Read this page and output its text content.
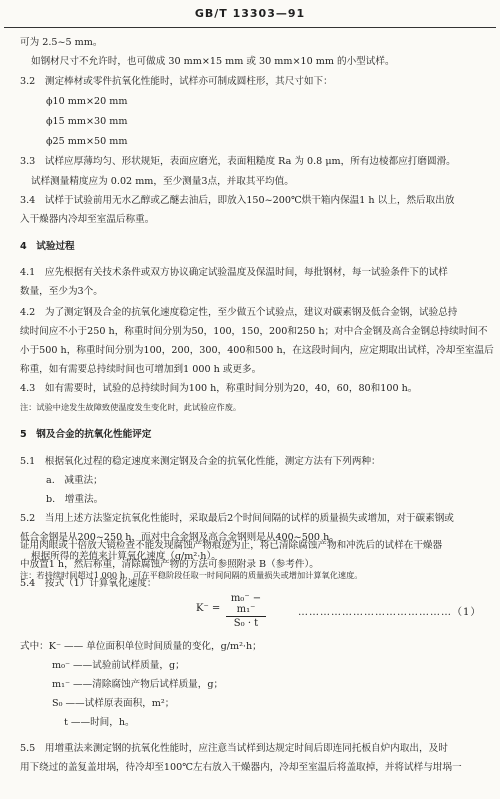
GB/T 13303—91
可为 2.5~5 mm。
如钢材尺寸不允许时，也可做成 30 mm×15 mm 或 30 mm×10 mm 的小型试样。
3.2　测定棒材或零件抗氧化性能时，试样亦可制成圆柱形，其尺寸如下：
ϕ10 mm×20 mm
ϕ15 mm×30 mm
ϕ25 mm×50 mm
3.3　试样应厚薄均匀、形状规矩，表面应磨光，表面粗糙度 Ra 为 0.8 μm，所有边棱都应打磨圆滑。
试样测量精度应为 0.02 mm，至少测量3点，并取其平均值。
3.4　试样于试验前用无水乙醇或乙醚去油后，即放入150~200℃烘干箱内保温1 h 以上，然后取出放
入干燥器内冷却至室温后称重。
4　试验过程
4.1　应先根据有关技术条件或双方协议确定试验温度及保温时间，每批钢材，每一试验条件下的试样
数量，至少为3个。
4.2　为了测定钢及合金的抗氧化速度稳定性，至少做五个试验点，建议对碳素钢及低合金钢，试验总持
续时间应不小于250 h，称重时间分别为50，100，150，200和250 h；对中合金钢及高合金钢总持续时间不
小于500 h，称重时间分别为100，200，300，400和500 h，在这段时间内，应定期取出试样，冷却至室温后
称重，如有需要总持续时间也可增加到1 000 h 或更多。
4.3　如有需要时，试验的总持续时间为100 h，称重时间分别为20，40，60，80和100 h。
注：试验中途发生故障致使温度发生变化时，此试验应作废。
5　钢及合金的抗氧化性能评定
5.1　根据氧化过程的稳定速度来测定钢及合金的抗氧化性能，测定方法有下列两种：
a.　减重法；
b.　增重法。
5.2　当用上述方法鉴定抗氧化性能时，采取最后2个时间间隔的试样的质量损失或增加，对于碳素钢或
低合金钢是从200~250 h，而对中合金钢及高合金钢则是从400~500 h。
根据所得的差值来计算氧化速度（g/m²·h）。
注：若持续时间超过1 000 h，可在平稳阶段任取一时间间隔的质量损失或增加计算氧化速度。
证用肉眼或十倍放大镜检查不能发现腐蚀产物痕迹为止，将已清除腐蚀产物和冲洗后的试样在干燥器
中放置1 h，然后称重，清除腐蚀产物的方法可参照附录 B（参考件）。
5.4　按式（1）计算氧化速度：
式中：K⁻ —— 单位面积单位时间质量的变化，g/m²·h；
m₀⁻ ——试验前试样质量，g；
m₁⁻ ——清除腐蚀产物后试样质量，g；
S₀ ——试样原表面积，m²；
t ——时间，h。
5.5　用增重法来测定钢的抗氧化性能时，应注意当试样到达规定时间后即连同托板自炉内取出，及时
用下绕过的盖复盖坩埚，待冷却至100℃左右放入干燥器内，冷却至室温后将盖取掉，并将试样与坩埚一
$K^- = \frac{\text{m₀⁻ − m₁⁻}}{\text{S₀ · t}}$	……………………………………（1）
